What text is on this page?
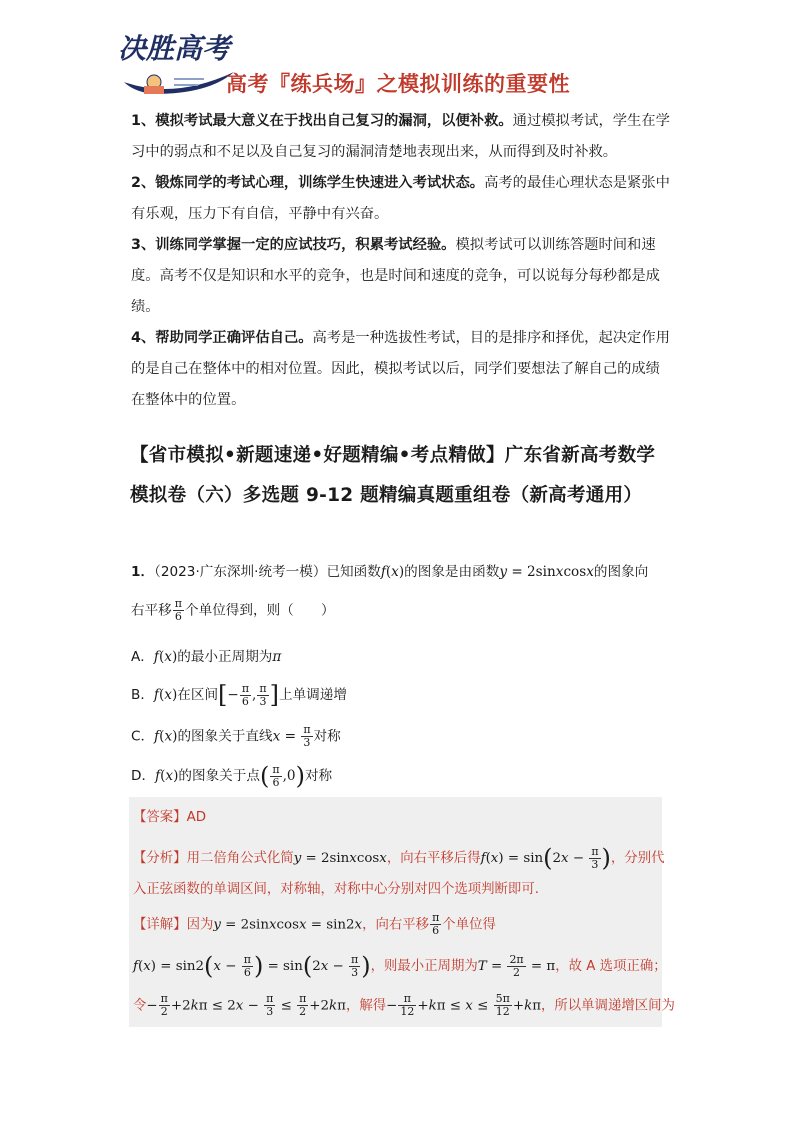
决胜高考
高考『练兵场』之模拟训练的重要性

1、模拟考试最大意义在于找出自己复习的漏洞，以便补救。通过模拟考试，学生在学习中的弱点和不足以及自己复习的漏洞清楚地表现出来，从而得到及时补救。

2、锻炼同学的考试心理，训练学生快速进入考试状态。高考的最佳心理状态是紧张中有乐观，压力下有自信，平静中有兴奋。

3、训练同学掌握一定的应试技巧，积累考试经验。模拟考试可以训练答题时间和速度。高考不仅是知识和水平的竞争，也是时间和速度的竞争，可以说每分每秒都是成绩。

4、帮助同学正确评估自己。高考是一种选拔性考试，目的是排序和择优，起决定作用的是自己在整体中的相对位置。因此，模拟考试以后，同学们要想法了解自己的成绩在整体中的位置。

【省市模拟•新题速递•好题精编•考点精做】广东省新高考数学模拟卷（六）多选题 9-12 题精编真题重组卷（新高考通用）
1．（2023·广东深圳·统考一模）已知函数f(x)的图象是由函数y = 2sinxcosx的图象向
右平移 $\frac{\pi}{6}$ 个单位得到，则（　　）
A．f(x)的最小正周期为π
B．f(x)在区间[− $\frac{\pi}{6}$ , $\frac{\pi}{3}$ ]上单调递增
C．f(x)的图象关于直线$x = \frac{\pi}{3}$ 对称
D．f(x)的图象关于点( $\frac{\pi}{6} ,0$)对称
【答案】AD
【分析】用二倍角公式化简y = 2sinxcosx，向右平移后得$f(x) = \sin(2x - \frac{\pi}{3}$ )，分别代
入正弦函数的单调区间，对称轴，对称中心分别对四个选项判断即可.
【详解】因为y = 2sinxcosx = sin2x，向右平移 $\frac{\pi}{6}$ 个单位得
$f(x) = \sin 2(x - \frac{\pi}{6}$ ) = $\sin(2x - \frac{\pi}{3}$ )，则最小正周期为$T = \frac{2\pi}{2} = \pi$，故 A 选项正确；
令− $\frac{\pi}{2} +2k\pi \le 2x - \frac{\pi}{3} \le \frac{\pi}{2} +2k\pi$，解得− $\frac{\pi}{12} +k\pi \le x \le \frac{5\pi}{12} +k\pi$，所以单调递增区间为
